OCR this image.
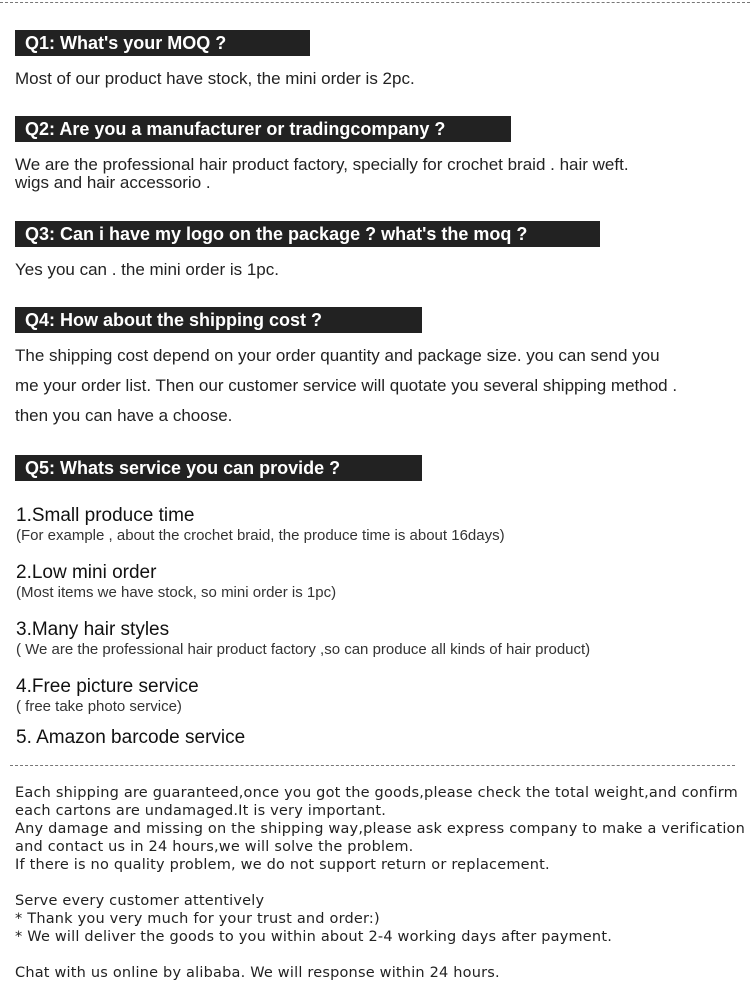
Q1: What's your MOQ ?
Most of our product have stock, the mini order is 2pc.
Q2: Are you a manufacturer or tradingcompany ?
We are the professional hair product factory, specially for crochet braid . hair weft.
wigs and hair accessorio .
Q3: Can i have my logo on the package ? what's the moq ?
Yes you can . the mini order is 1pc.
Q4: How about the shipping cost ?
The shipping cost depend on your order quantity and package size. you can send you
me your order list. Then our customer service will quotate you several shipping method .
then you can have a choose.
Q5: Whats service you can provide ?
1.Small produce time
(For example , about the crochet braid, the produce time is about 16days)
2.Low mini order
(Most items we have stock, so mini order is 1pc)
3.Many hair styles
( We are the professional hair product factory ,so can produce all kinds of hair product)
4.Free picture service
( free take photo service)
5. Amazon barcode service
Each shipping are guaranteed,once you got the goods,please check the total weight,and confirm
each cartons are undamaged.It is very important.
Any damage and missing on the shipping way,please ask express company to make a verification
and contact us in 24 hours,we will solve the problem.
If there is no quality problem, we do not support return or replacement.
Serve every customer attentively
* Thank you very much for your trust and order:)
* We will deliver the goods to you within about 2-4 working days after payment.
Chat with us online by alibaba. We will response within 24 hours.
